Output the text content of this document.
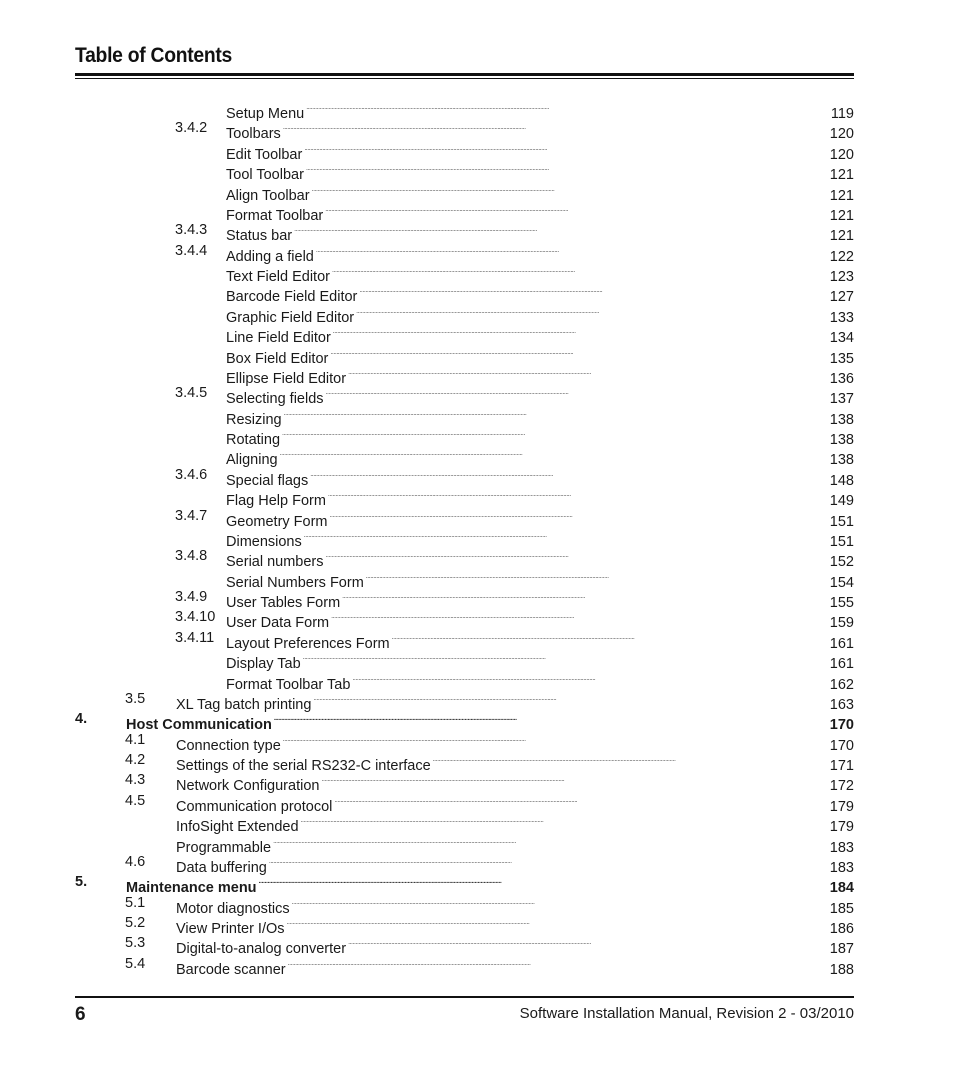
Table of Contents
Setup Menu . . .	119
3.4.2 Toolbars . . .	120
Edit Toolbar . . .	120
Tool Toolbar . . .	121
Align Toolbar . . .	121
Format Toolbar . . .	121
3.4.3 Status bar . . .	121
3.4.4 Adding a field . . .	122
Text Field Editor . . .	123
Barcode Field Editor . . .	127
Graphic Field Editor . . .	133
Line Field Editor . . .	134
Box Field Editor . . .	135
Ellipse Field Editor . . .	136
3.4.5 Selecting fields . . .	137
Resizing . . .	138
Rotating . . .	138
Aligning . . .	138
3.4.6 Special flags . . .	148
Flag Help Form . . .	149
3.4.7 Geometry Form . . .	151
Dimensions . . .	151
3.4.8 Serial numbers . . .	152
Serial Numbers Form . . .	154
3.4.9 User Tables Form . . .	155
3.4.10 User Data Form . . .	159
3.4.11 Layout Preferences Form . . .	161
Display Tab . . .	161
Format Toolbar Tab . . .	162
3.5 XL Tag batch printing . . .	163
4.	Host Communication . . .	170
4.1 Connection type . . .	170
4.2 Settings of the serial RS232-C interface . . .	171
4.3 Network Configuration . . .	172
4.5 Communication protocol . . .	179
InfoSight Extended . . .	179
Programmable . . .	183
4.6 Data buffering . . .	183
5.	Maintenance menu . . .	184
5.1 Motor diagnostics . . .	185
5.2 View Printer I/Os . . .	186
5.3 Digital-to-analog converter . . .	187
5.4 Barcode scanner . . .	188
6	Software Installation Manual, Revision 2 - 03/2010
